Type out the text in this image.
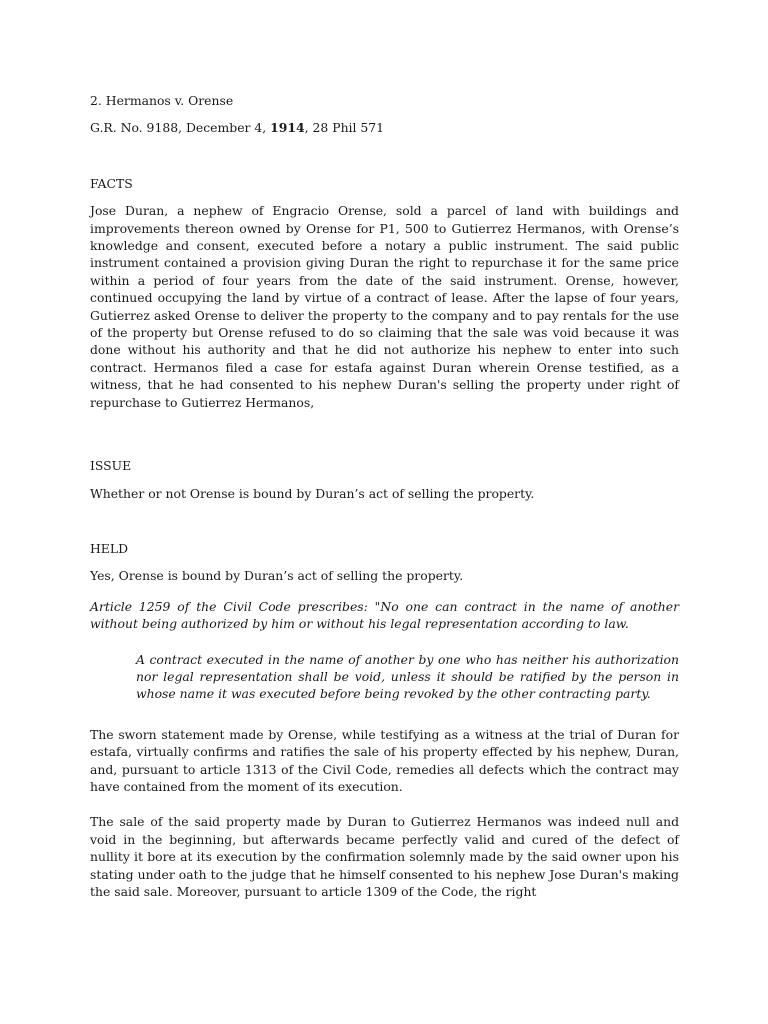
2. Hermanos v. Orense

G.R. No. 9188, December 4, 1914, 28 Phil 571

FACTS

Jose Duran, a nephew of Engracio Orense, sold a parcel of land with buildings and improvements thereon owned by Orense for P1, 500 to Gutierrez Hermanos, with Orense’s knowledge and consent, executed before a notary a public instrument. The said public instrument contained a provision giving Duran the right to repurchase it for the same price within a period of four years from the date of the said instrument. Orense, however, continued occupying the land by virtue of a contract of lease. After the lapse of four years, Gutierrez asked Orense to deliver the property to the company and to pay rentals for the use of the property but Orense refused to do so claiming that the sale was void because it was done without his authority and that he did not authorize his nephew to enter into such contract. Hermanos filed a case for estafa against Duran wherein Orense testified, as a witness, that he had consented to his nephew Duran's selling the property under right of repurchase to Gutierrez Hermanos,

ISSUE

Whether or not Orense is bound by Duran’s act of selling the property.

HELD

Yes, Orense is bound by Duran’s act of selling the property.

Article 1259 of the Civil Code prescribes: "No one can contract in the name of another without being authorized by him or without his legal representation according to law.

A contract executed in the name of another by one who has neither his authorization nor legal representation shall be void, unless it should be ratified by the person in whose name it was executed before being revoked by the other contracting party.

The sworn statement made by Orense, while testifying as a witness at the trial of Duran for estafa, virtually confirms and ratifies the sale of his property effected by his nephew, Duran, and, pursuant to article 1313 of the Civil Code, remedies all defects which the contract may have contained from the moment of its execution.

The sale of the said property made by Duran to Gutierrez Hermanos was indeed null and void in the beginning, but afterwards became perfectly valid and cured of the defect of nullity it bore at its execution by the confirmation solemnly made by the said owner upon his stating under oath to the judge that he himself consented to his nephew Jose Duran's making the said sale. Moreover, pursuant to article 1309 of the Code, the right
